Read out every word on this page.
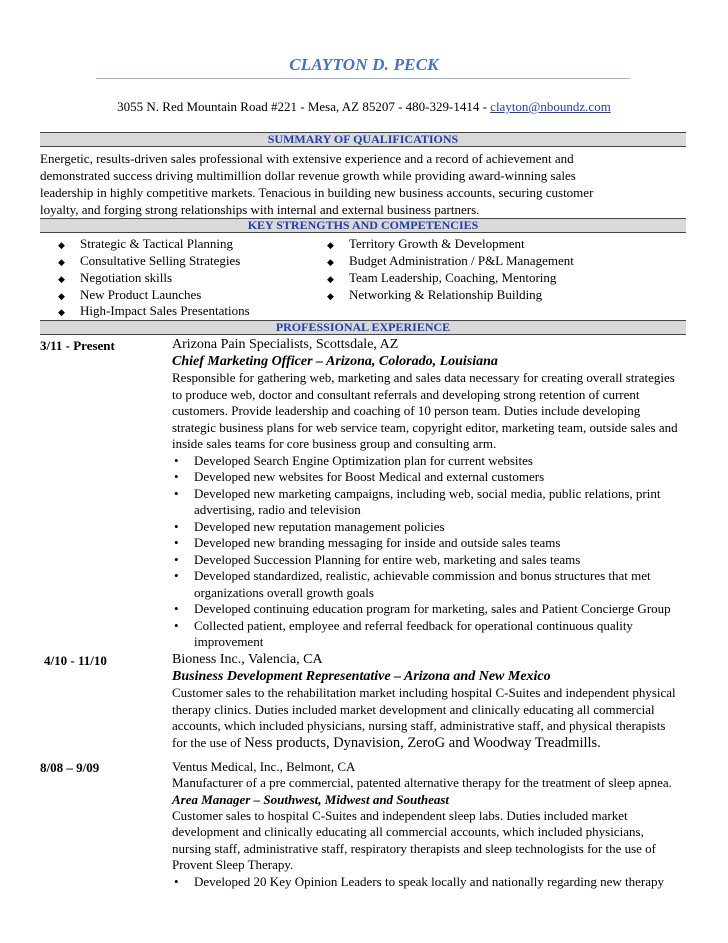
CLAYTON D. PECK
3055 N. Red Mountain Road #221 - Mesa, AZ 85207 - 480-329-1414 - clayton@nboundz.com
SUMMARY OF QUALIFICATIONS
Energetic, results-driven sales professional with extensive experience and a record of achievement and
demonstrated success driving multimillion dollar revenue growth while providing award-winning sales
leadership in highly competitive markets. Tenacious in building new business accounts, securing customer
loyalty, and forging strong relationships with internal and external business partners.
KEY STRENGTHS AND COMPETENCIES
◆ Strategic & Tactical Planning
◆ Consultative Selling Strategies
◆ Negotiation skills
◆ New Product Launches
◆ High-Impact Sales Presentations
◆ Territory Growth & Development
◆ Budget Administration / P&L Management
◆ Team Leadership, Coaching, Mentoring
◆ Networking & Relationship Building
PROFESSIONAL EXPERIENCE
3/11 - Present	Arizona Pain Specialists, Scottsdale, AZ
Chief Marketing Officer – Arizona, Colorado, Louisiana
Responsible for gathering web, marketing and sales data necessary for creating overall strategies
to produce web, doctor and consultant referrals and developing strong retention of current
customers. Provide leadership and coaching of 10 person team. Duties include developing
strategic business plans for web service team, copyright editor, marketing team, outside sales and
inside sales teams for core business group and consulting arm.
• Developed Search Engine Optimization plan for current websites
• Developed new websites for Boost Medical and external customers
• Developed new marketing campaigns, including web, social media, public relations, print
advertising, radio and television
• Developed new reputation management policies
• Developed new branding messaging for inside and outside sales teams
• Developed Succession Planning for entire web, marketing and sales teams
• Developed standardized, realistic, achievable commission and bonus structures that met
organizations overall growth goals
• Developed continuing education program for marketing, sales and Patient Concierge Group
• Collected patient, employee and referral feedback for operational continuous quality
improvement
4/10 - 11/10	Bioness Inc., Valencia, CA
Business Development Representative – Arizona and New Mexico
Customer sales to the rehabilitation market including hospital C-Suites and independent physical
therapy clinics. Duties included market development and clinically educating all commercial
accounts, which included physicians, nursing staff, administrative staff, and physical therapists
for the use of Ness products, Dynavision, ZeroG and Woodway Treadmills.
8/08 – 9/09	Ventus Medical, Inc., Belmont, CA
Manufacturer of a pre commercial, patented alternative therapy for the treatment of sleep apnea.
Area Manager – Southwest, Midwest and Southeast
Customer sales to hospital C-Suites and independent sleep labs. Duties included market
development and clinically educating all commercial accounts, which included physicians,
nursing staff, administrative staff, respiratory therapists and sleep technologists for the use of
Provent Sleep Therapy.
• Developed 20 Key Opinion Leaders to speak locally and nationally regarding new therapy
